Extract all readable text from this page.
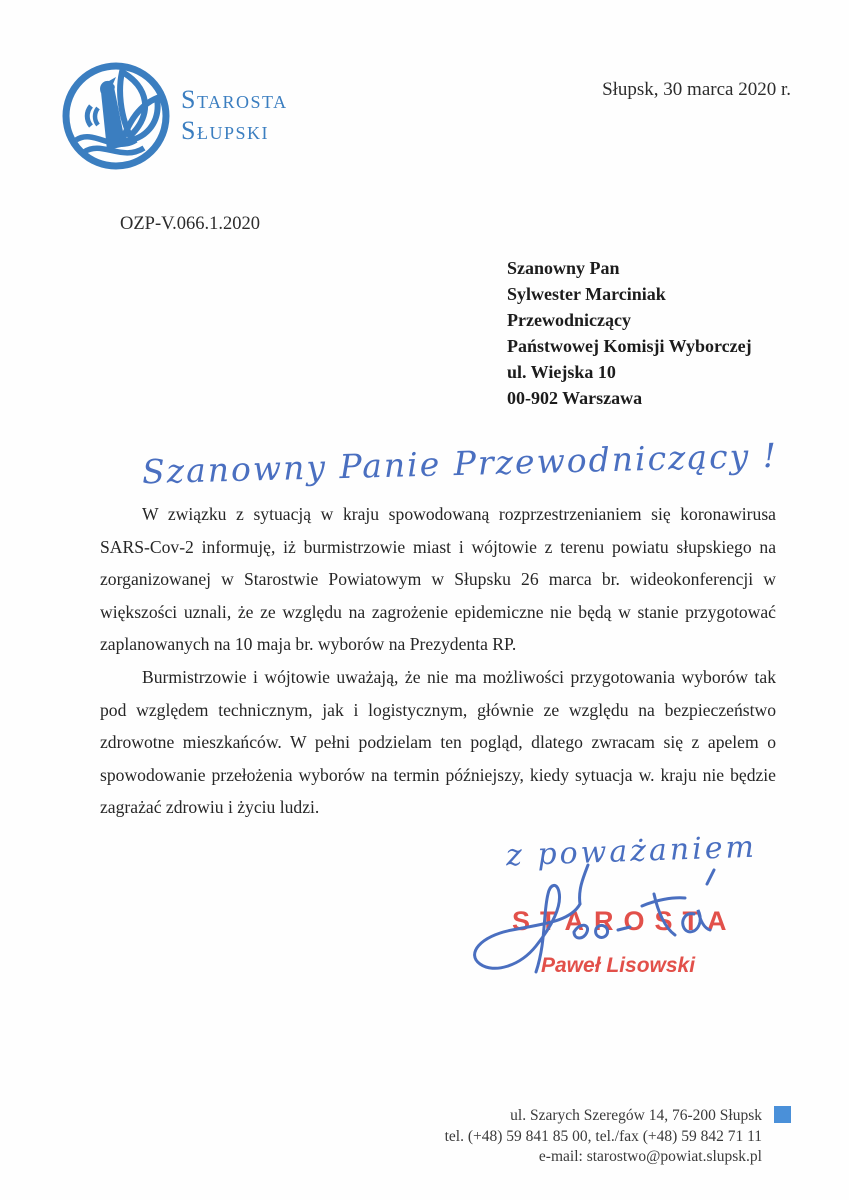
Starosta
Słupski
Słupsk, 30 marca 2020 r.
OZP-V.066.1.2020
Szanowny Pan
Sylwester Marciniak
Przewodniczący
Państwowej Komisji Wyborczej
ul. Wiejska 10
00-902 Warszawa
Szanowny Panie Przewodniczący !

W związku z sytuacją w kraju spowodowaną rozprzestrzenianiem się koronawirusa SARS-Cov-2 informuję, iż burmistrzowie miast i wójtowie z terenu powiatu słupskiego na zorganizowanej w Starostwie Powiatowym w Słupsku 26 marca br. wideokonferencji w większości uznali, że ze względu na zagrożenie epidemiczne nie będą w stanie przygotować zaplanowanych na 10 maja br. wyborów na Prezydenta RP.

Burmistrzowie i wójtowie uważają, że nie ma możliwości przygotowania wyborów tak pod względem technicznym, jak i logistycznym, głównie ze względu na bezpieczeństwo zdrowotne mieszkańców. W pełni podzielam ten pogląd, dlatego zwracam się z apelem o spowodowanie przełożenia wyborów na termin późniejszy, kiedy sytuacja w. kraju nie będzie zagrażać zdrowiu i życiu ludzi.

z poważaniem
STAROSTA
Paweł Lisowski
ul. Szarych Szeregów 14, 76-200 Słupsk
tel. (+48) 59 841 85 00, tel./fax (+48) 59 842 71 11
e-mail: starostwo@powiat.slupsk.pl
